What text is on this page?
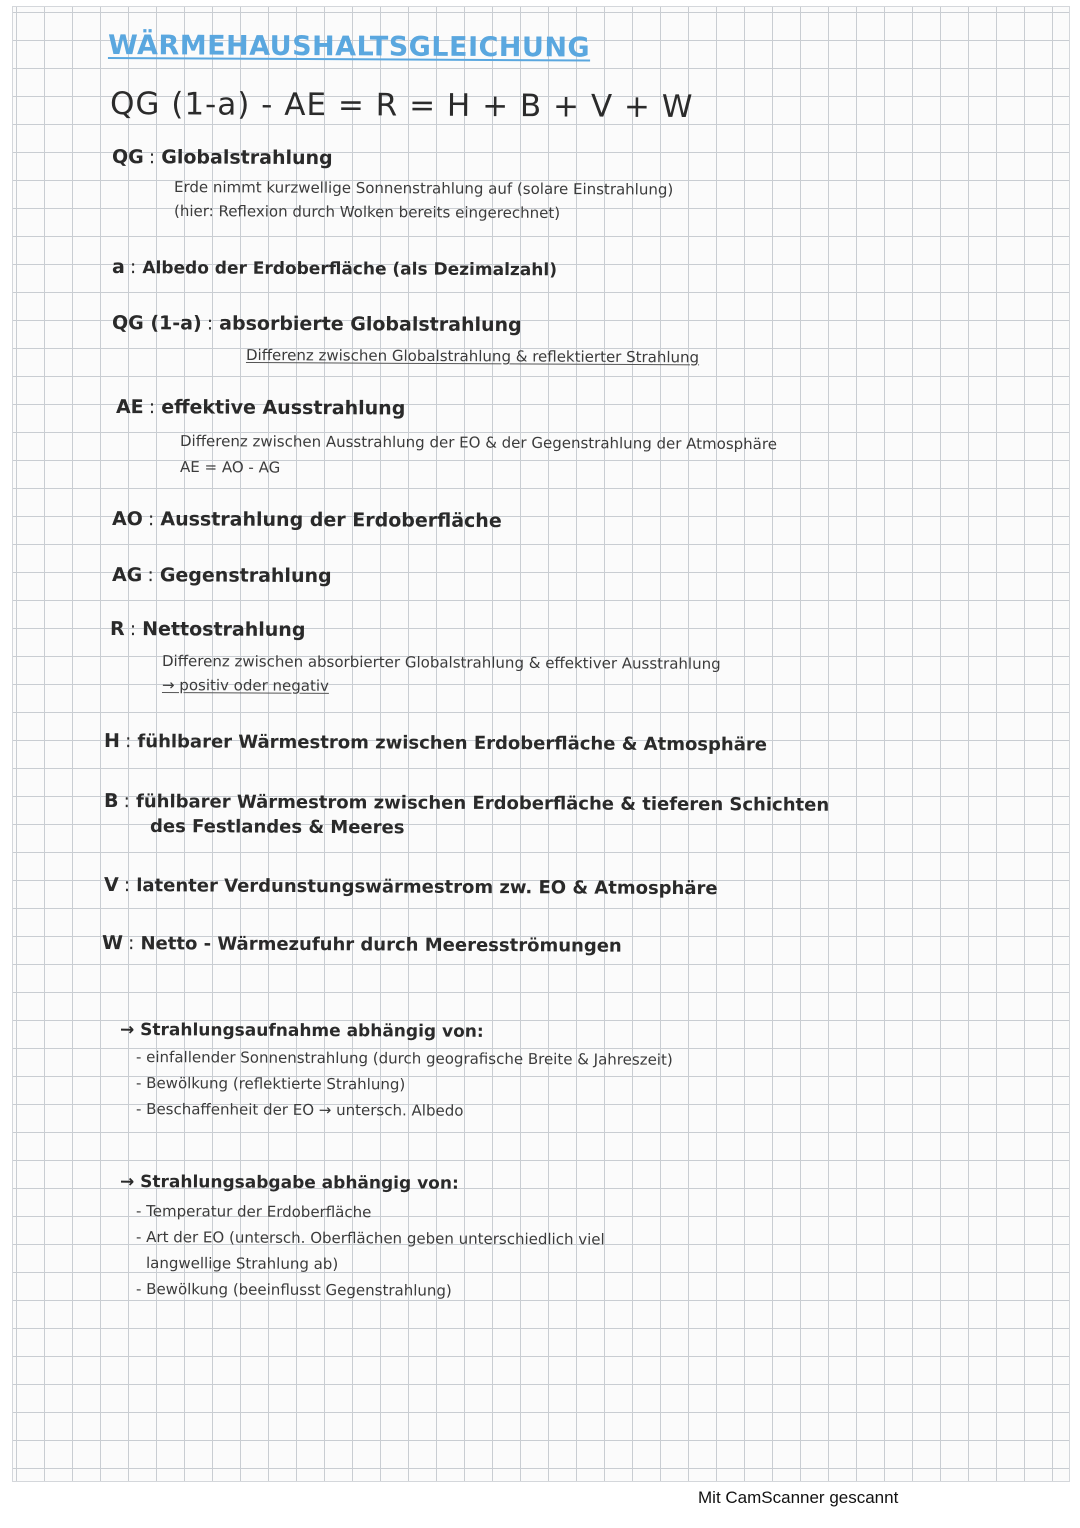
WÄRMEHAUSHALTSGLEICHUNG
QG (1-a) - AE = R = H + B + V + W
QG : Globalstrahlung
Erde nimmt kurzwellige Sonnenstrahlung auf (solare Einstrahlung)
(hier: Reflexion durch Wolken bereits eingerechnet)
a : Albedo der Erdoberfläche (als Dezimalzahl)
QG (1-a) : absorbierte Globalstrahlung
Differenz zwischen Globalstrahlung & reflektierter Strahlung
AE : effektive Ausstrahlung
Differenz zwischen Ausstrahlung der EO & der Gegenstrahlung der Atmosphäre
AE = AO - AG
AO : Ausstrahlung der Erdoberfläche
AG : Gegenstrahlung
R : Nettostrahlung
Differenz zwischen absorbierter Globalstrahlung & effektiver Ausstrahlung
→ positiv oder negativ
H : fühlbarer Wärmestrom zwischen Erdoberfläche & Atmosphäre
B : fühlbarer Wärmestrom zwischen Erdoberfläche & tieferen Schichten
des Festlandes & Meeres
V : latenter Verdunstungswärmestrom zw. EO & Atmosphäre
W : Netto - Wärmezufuhr durch Meeresströmungen
→ Strahlungsaufnahme abhängig von:
- einfallender Sonnenstrahlung (durch geografische Breite & Jahreszeit)
- Bewölkung (reflektierte Strahlung)
- Beschaffenheit der EO → untersch. Albedo
→ Strahlungsabgabe abhängig von:
- Temperatur der Erdoberfläche
- Art der EO (untersch. Oberflächen geben unterschiedlich viel
langwellige Strahlung ab)
- Bewölkung (beeinflusst Gegenstrahlung)
Mit CamScanner gescannt
